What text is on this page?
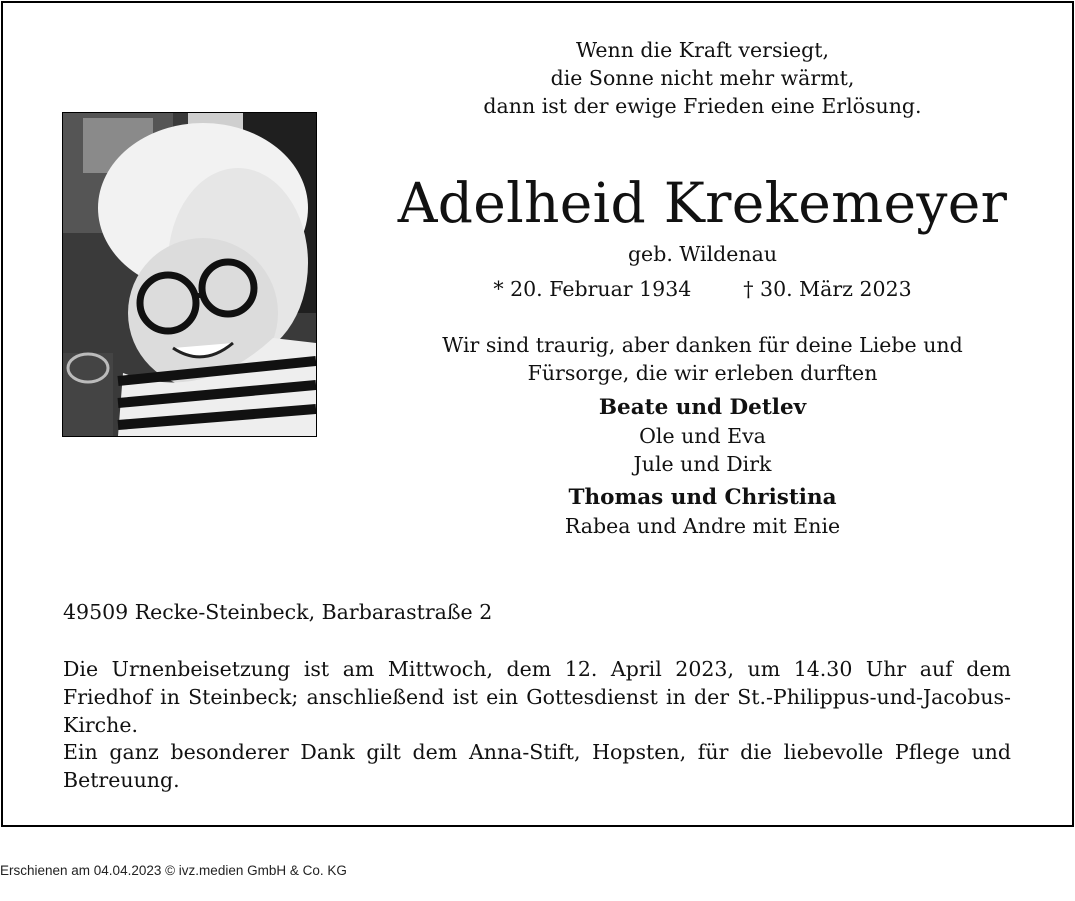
Wenn die Kraft versiegt,
die Sonne nicht mehr wärmt,
dann ist der ewige Frieden eine Erlösung.
Adelheid Krekemeyer
geb. Wildenau
* 20. Februar 1934	† 30. März 2023
Wir sind traurig, aber danken für deine Liebe und
Fürsorge, die wir erleben durften
Beate und Detlev
Ole und Eva
Jule und Dirk
Thomas und Christina
Rabea und Andre mit Enie
49509 Recke-Steinbeck, Barbarastraße 2
Die Urnenbeisetzung ist am Mittwoch, dem 12. April 2023, um 14.30 Uhr auf dem Friedhof in Steinbeck; anschließend ist ein Gottesdienst in der St.-Philippus-und-Jacobus-Kirche.
Ein ganz besonderer Dank gilt dem Anna-Stift, Hopsten, für die liebevolle Pflege und Betreuung.
Erschienen am 04.04.2023 © ivz.medien GmbH & Co. KG
